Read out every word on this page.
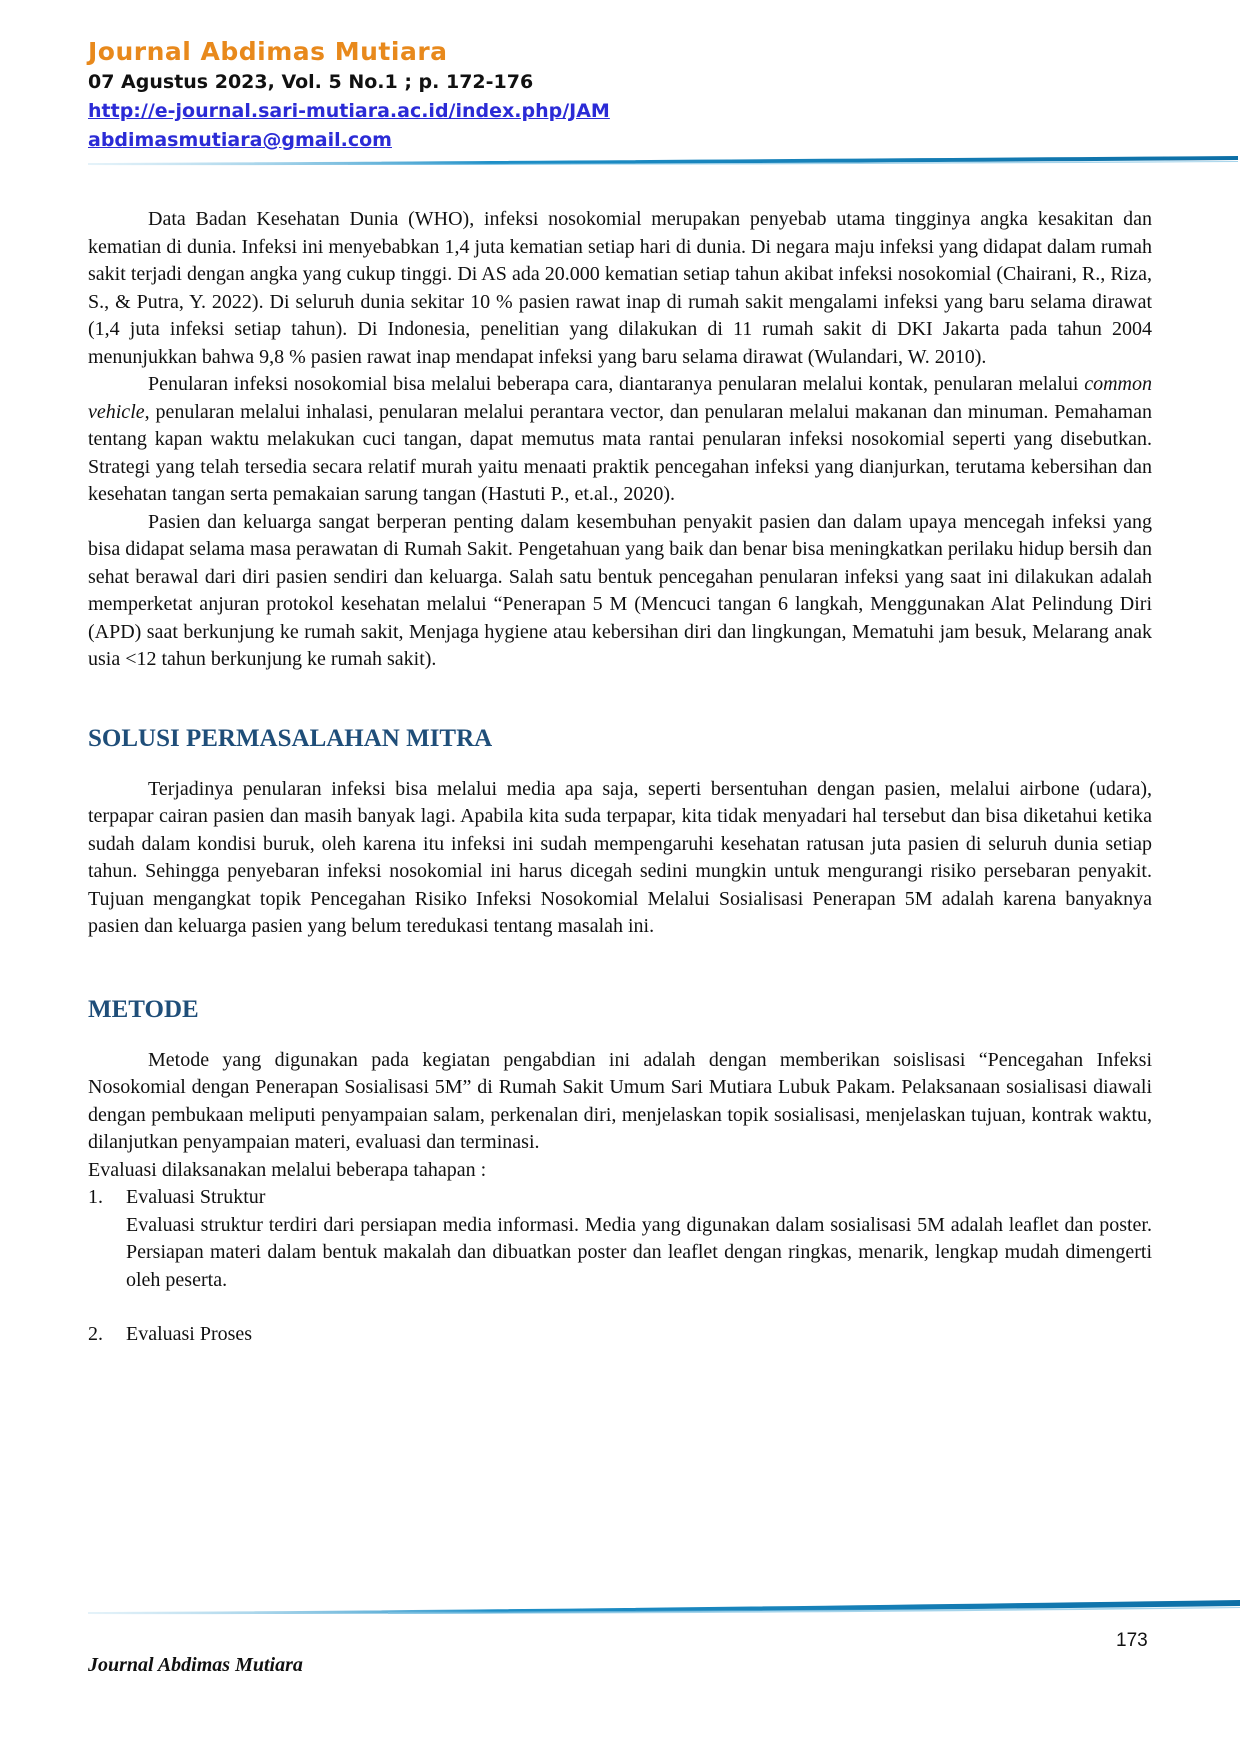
Journal Abdimas Mutiara
07 Agustus 2023, Vol. 5 No.1 ; p. 172-176
http://e-journal.sari-mutiara.ac.id/index.php/JAM
abdimasmutiara@gmail.com

Data Badan Kesehatan Dunia (WHO), infeksi nosokomial merupakan penyebab utama tingginya angka kesakitan dan kematian di dunia. Infeksi ini menyebabkan 1,4 juta kematian setiap hari di dunia. Di negara maju infeksi yang didapat dalam rumah sakit terjadi dengan angka yang cukup tinggi. Di AS ada 20.000 kematian setiap tahun akibat infeksi nosokomial (Chairani, R., Riza, S., & Putra, Y. 2022). Di seluruh dunia sekitar 10 % pasien rawat inap di rumah sakit mengalami infeksi yang baru selama dirawat (1,4 juta infeksi setiap tahun). Di Indonesia, penelitian yang dilakukan di 11 rumah sakit di DKI Jakarta pada tahun 2004 menunjukkan bahwa 9,8 % pasien rawat inap mendapat infeksi yang baru selama dirawat (Wulandari, W. 2010).

Penularan infeksi nosokomial bisa melalui beberapa cara, diantaranya penularan melalui kontak, penularan melalui common vehicle, penularan melalui inhalasi, penularan melalui perantara vector, dan penularan melalui makanan dan minuman. Pemahaman tentang kapan waktu melakukan cuci tangan, dapat memutus mata rantai penularan infeksi nosokomial seperti yang disebutkan. Strategi yang telah tersedia secara relatif murah yaitu menaati praktik pencegahan infeksi yang dianjurkan, terutama kebersihan dan kesehatan tangan serta pemakaian sarung tangan (Hastuti P., et.al., 2020).

Pasien dan keluarga sangat berperan penting dalam kesembuhan penyakit pasien dan dalam upaya mencegah infeksi yang bisa didapat selama masa perawatan di Rumah Sakit. Pengetahuan yang baik dan benar bisa meningkatkan perilaku hidup bersih dan sehat berawal dari diri pasien sendiri dan keluarga. Salah satu bentuk pencegahan penularan infeksi yang saat ini dilakukan adalah memperketat anjuran protokol kesehatan melalui “Penerapan 5 M (Mencuci tangan 6 langkah, Menggunakan Alat Pelindung Diri (APD) saat berkunjung ke rumah sakit, Menjaga hygiene atau kebersihan diri dan lingkungan, Mematuhi jam besuk, Melarang anak usia <12 tahun berkunjung ke rumah sakit).

SOLUSI PERMASALAHAN MITRA

Terjadinya penularan infeksi bisa melalui media apa saja, seperti bersentuhan dengan pasien, melalui airbone (udara), terpapar cairan pasien dan masih banyak lagi. Apabila kita suda terpapar, kita tidak menyadari hal tersebut dan bisa diketahui ketika sudah dalam kondisi buruk, oleh karena itu infeksi ini sudah mempengaruhi kesehatan ratusan juta pasien di seluruh dunia setiap tahun. Sehingga penyebaran infeksi nosokomial ini harus dicegah sedini mungkin untuk mengurangi risiko persebaran penyakit. Tujuan mengangkat topik Pencegahan Risiko Infeksi Nosokomial Melalui Sosialisasi Penerapan 5M adalah karena banyaknya pasien dan keluarga pasien yang belum teredukasi tentang masalah ini.

METODE

Metode yang digunakan pada kegiatan pengabdian ini adalah dengan memberikan soislisasi “Pencegahan Infeksi Nosokomial dengan Penerapan Sosialisasi 5M” di Rumah Sakit Umum Sari Mutiara Lubuk Pakam. Pelaksanaan sosialisasi diawali dengan pembukaan meliputi penyampaian salam, perkenalan diri, menjelaskan topik sosialisasi, menjelaskan tujuan, kontrak waktu, dilanjutkan penyampaian materi, evaluasi dan terminasi.

Evaluasi dilaksanakan melalui beberapa tahapan :

1. Evaluasi Struktur
Evaluasi struktur terdiri dari persiapan media informasi. Media yang digunakan dalam sosialisasi 5M adalah leaflet dan poster. Persiapan materi dalam bentuk makalah dan dibuatkan poster dan leaflet dengan ringkas, menarik, lengkap mudah dimengerti oleh peserta.
2. Evaluasi Proses
173
Journal Abdimas Mutiara
